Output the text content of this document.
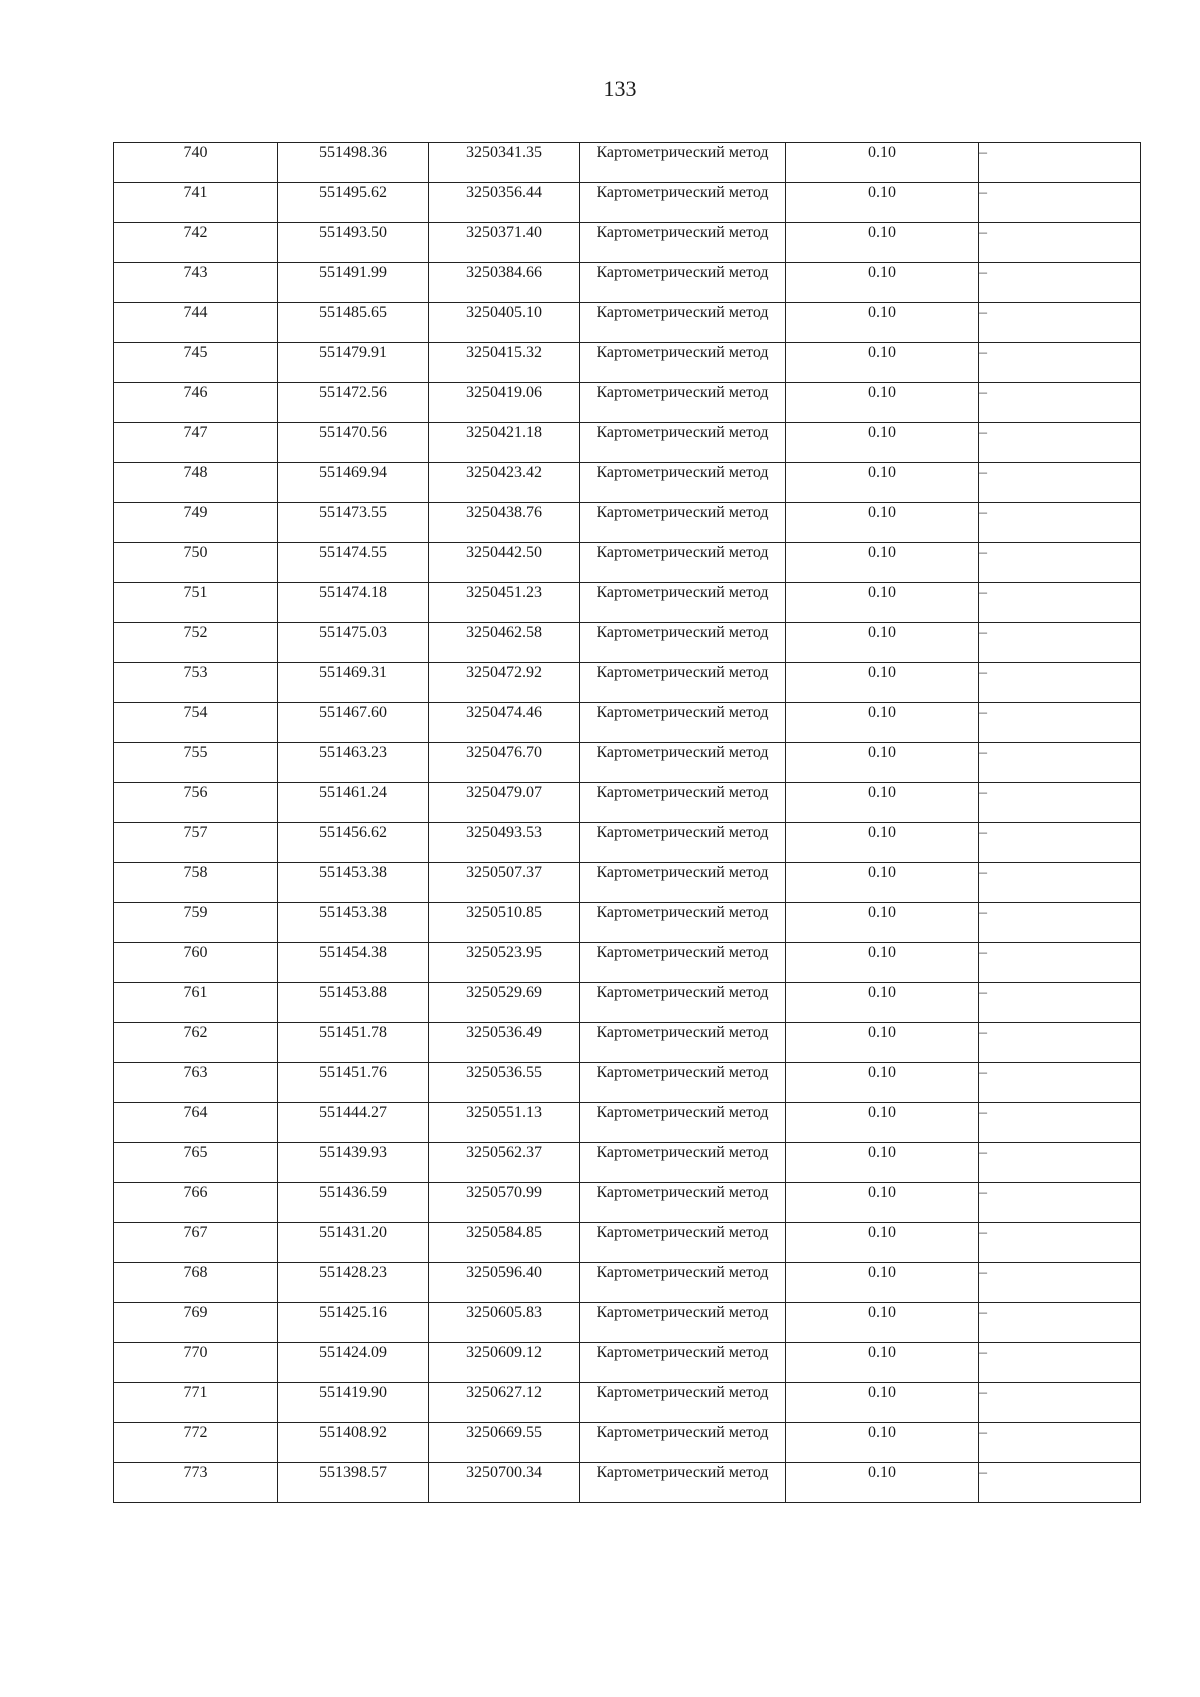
133
740	551498.36	3250341.35	Картометрический метод	0.10	–
741	551495.62	3250356.44	Картометрический метод	0.10	–
742	551493.50	3250371.40	Картометрический метод	0.10	–
743	551491.99	3250384.66	Картометрический метод	0.10	–
744	551485.65	3250405.10	Картометрический метод	0.10	–
745	551479.91	3250415.32	Картометрический метод	0.10	–
746	551472.56	3250419.06	Картометрический метод	0.10	–
747	551470.56	3250421.18	Картометрический метод	0.10	–
748	551469.94	3250423.42	Картометрический метод	0.10	–
749	551473.55	3250438.76	Картометрический метод	0.10	–
750	551474.55	3250442.50	Картометрический метод	0.10	–
751	551474.18	3250451.23	Картометрический метод	0.10	–
752	551475.03	3250462.58	Картометрический метод	0.10	–
753	551469.31	3250472.92	Картометрический метод	0.10	–
754	551467.60	3250474.46	Картометрический метод	0.10	–
755	551463.23	3250476.70	Картометрический метод	0.10	–
756	551461.24	3250479.07	Картометрический метод	0.10	–
757	551456.62	3250493.53	Картометрический метод	0.10	–
758	551453.38	3250507.37	Картометрический метод	0.10	–
759	551453.38	3250510.85	Картометрический метод	0.10	–
760	551454.38	3250523.95	Картометрический метод	0.10	–
761	551453.88	3250529.69	Картометрический метод	0.10	–
762	551451.78	3250536.49	Картометрический метод	0.10	–
763	551451.76	3250536.55	Картометрический метод	0.10	–
764	551444.27	3250551.13	Картометрический метод	0.10	–
765	551439.93	3250562.37	Картометрический метод	0.10	–
766	551436.59	3250570.99	Картометрический метод	0.10	–
767	551431.20	3250584.85	Картометрический метод	0.10	–
768	551428.23	3250596.40	Картометрический метод	0.10	–
769	551425.16	3250605.83	Картометрический метод	0.10	–
770	551424.09	3250609.12	Картометрический метод	0.10	–
771	551419.90	3250627.12	Картометрический метод	0.10	–
772	551408.92	3250669.55	Картометрический метод	0.10	–
773	551398.57	3250700.34	Картометрический метод	0.10	–
